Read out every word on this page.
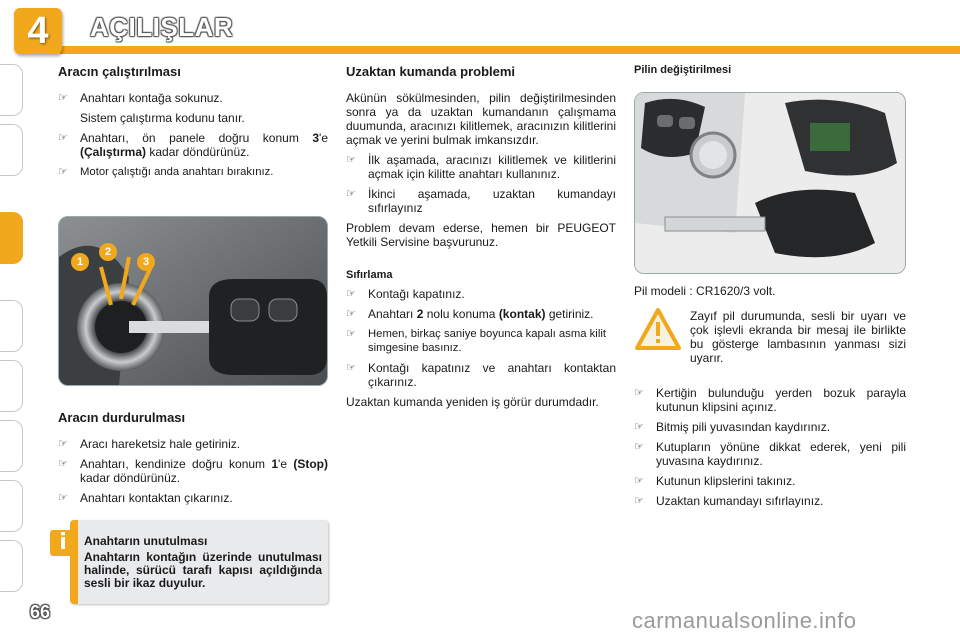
4	AÇILIŞLAR
Aracın çalıştırılması
☞ Anahtarı kontağa sokunuz.
Sistem çalıştırma kodunu tanır.
☞ Anahtarı, ön panele doğru konum 3'e (Çalıştırma) kadar döndürünüz.
☞ Motor çalıştığı anda anahtarı bırakınız.
1
2
3
Aracın durdurulması
☞ Aracı hareketsiz hale getiriniz.
☞ Anahtarı, kendinize doğru konum 1'e (Stop) kadar döndürünüz.
☞ Anahtarı kontaktan çıkarınız.
i	Anahtarın unutulması
Anahtarın kontağın üzerinde unutulması halinde, sürücü tarafı kapısı açıldığında sesli bir ikaz duyulur.
Uzaktan kumanda problemi
Akünün sökülmesinden, pilin değiştirilmesinden sonra ya da uzaktan kumandanın çalışmama duumunda, aracınızı kilitlemek, aracınızın kilitlerini açmak ve yerini bulmak imkansızdır.
☞ İlk aşamada, aracınızı kilitlemek ve kilitlerini açmak için kilitte anahtarı kullanınız.
☞ İkinci aşamada, uzaktan kumandayı sıfırlayınız
Problem devam ederse, hemen bir PEUGEOT Yetkili Servisine başvurunuz.
Sıfırlama
☞ Kontağı kapatınız.
☞ Anahtarı 2 nolu konuma (kontak) getiriniz.
☞ Hemen, birkaç saniye boyunca kapalı asma kilit simgesine basınız.
☞ Kontağı kapatınız ve anahtarı kontaktan çıkarınız.
Uzaktan kumanda yeniden iş görür durumdadır.
Pilin değiştirilmesi
Pil modeli : CR1620/3 volt.
Zayıf pil durumunda, sesli bir uyarı ve çok işlevli ekranda bir mesaj ile birlikte bu gösterge lambasının yanması sizi uyarır.
☞ Kertiğin bulunduğu yerden bozuk parayla kutunun klipsini açınız.
☞ Bitmiş pili yuvasından kaydırınız.
☞ Kutupların yönüne dikkat ederek, yeni pili yuvasına kaydırınız.
☞ Kutunun klipslerini takınız.
☞ Uzaktan kumandayı sıfırlayınız.
66	carmanualsonline.info
